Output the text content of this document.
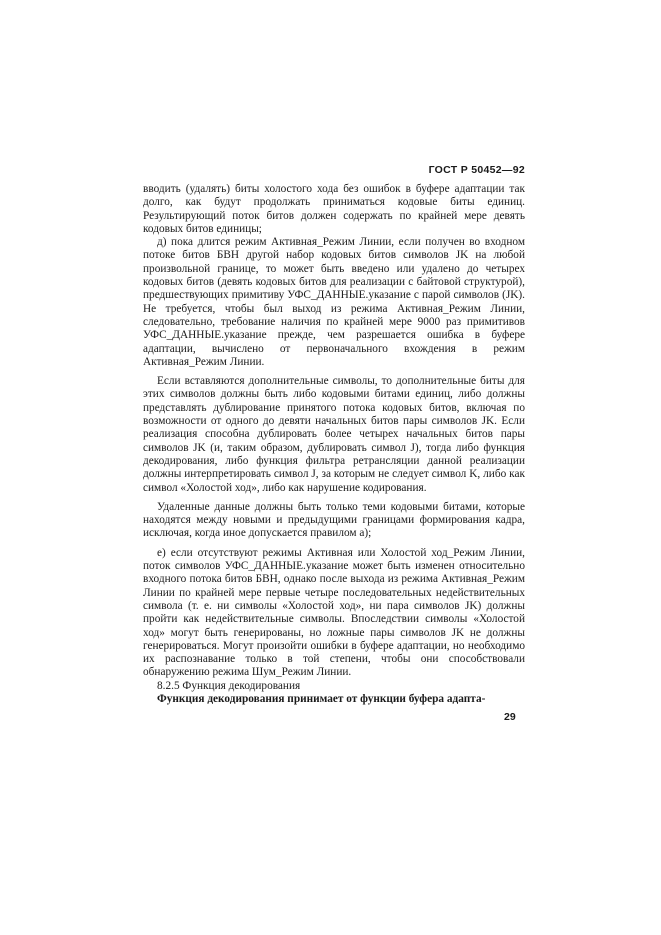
ГОСТ Р 50452—92

вводить (удалять) биты холостого хода без ошибок в буфере адаптации так долго, как будут продолжать приниматься кодовые биты единиц. Результирующий поток битов должен содержать по крайней мере девять кодовых битов единицы;

д) пока длится режим Активная_Режим Линии, если получен во входном потоке битов БВН другой набор кодовых битов символов JK на любой произвольной границе, то может быть введено или удалено до четырех кодовых битов (девять кодовых битов для реализации с байтовой структурой), предшествующих примитиву УФС_ДАННЫЕ.указание с парой символов (JK). Не требуется, чтобы был выход из режима Активная_Режим Линии, следовательно, требование наличия по крайней мере 9000 раз примитивов УФС_ДАННЫЕ.указание прежде, чем разрешается ошибка в буфере адаптации, вычислено от первоначального вхождения в режим Активная_Режим Линии.

Если вставляются дополнительные символы, то дополнительные биты для этих символов должны быть либо кодовыми битами единиц, либо должны представлять дублирование принятого потока кодовых битов, включая по возможности от одного до девяти начальных битов пары символов JK. Если реализация способна дублировать более четырех начальных битов пары символов JK (и, таким образом, дублировать символ J), тогда либо функция декодирования, либо функция фильтра ретрансляции данной реализации должны интерпретировать символ J, за которым не следует символ K, либо как символ «Холостой ход», либо как нарушение кодирования.

Удаленные данные должны быть только теми кодовыми битами, которые находятся между новыми и предыдущими границами формирования кадра, исключая, когда иное допускается правилом а);

е) если отсутствуют режимы Активная или Холостой ход_Режим Линии, поток символов УФС_ДАННЫЕ.указание может быть изменен относительно входного потока битов БВН, однако после выхода из режима Активная_Режим Линии по крайней мере первые четыре последовательных недействительных символа (т. е. ни символы «Холостой ход», ни пара символов JK) должны пройти как недействительные символы. Впоследствии символы «Холостой ход» могут быть генерированы, но ложные пары символов JK не должны генерироваться. Могут произойти ошибки в буфере адаптации, но необходимо их распознавание только в той степени, чтобы они способствовали обнаружению режима Шум_Режим Линии.

8.2.5 Функция декодирования

Функция декодирования принимает от функции буфера адапта-

29
